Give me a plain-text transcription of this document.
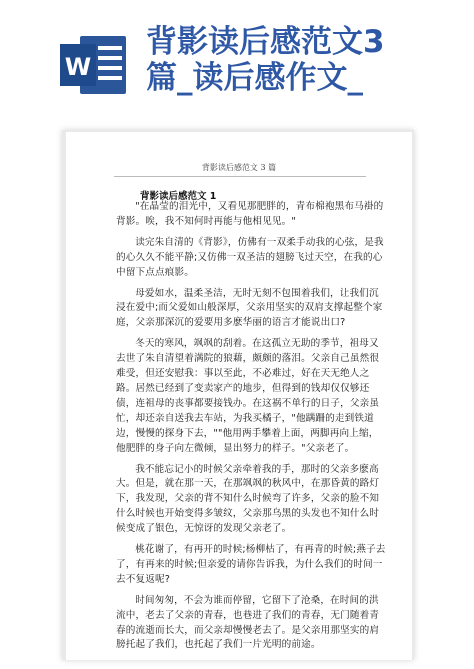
W
背影读后感范文3
篇_读后感作文_
背影读后感范文 3 篇
背影读后感范文 1

"在晶莹的泪光中，又看见那肥胖的，青布棉袍黑布马褂的背影。唉，我不知何时再能与他相见见。"

读完朱自清的《背影》，仿佛有一双柔手动我的心弦，是我的心久久不能平静;又仿佛一双圣洁的翅膀飞过天空，在我的心中留下点点痕影。

母爱如水，温柔圣洁，无时无刻不包围着我们，让我们沉浸在爱中;而父爱如山般深厚，父亲用坚实的双肩支撑起整个家庭，父亲那深沉的爱要用多麽华丽的语言才能说出口?

冬天的寒风，飒飒的刮着。在这孤立无助的季节，祖母又去世了朱自清望着满院的狼藉，颇颇的落泪。父亲自己虽然很难受，但还安慰我：事以至此，不必难过，好在天无绝人之路。居然已经到了变卖家产的地步，但得到的钱却仅仅够还债，连祖母的丧事都要接钱办。在这祸不单行的日子，父亲虽忙，却还亲自送我去车站，为我买橘子，"他蹒跚的走到铁道边，慢慢的探身下去，""他用两手攀着上面，两脚再向上缩，他肥胖的身子向左微倾，显出努力的样子。"父亲老了。

我不能忘记小的时候父亲牵着我的手，那时的父亲多麽高大。但是，就在那一天，在那飒飒的秋风中，在那昏黄的路灯下，我发现，父亲的背不知什么时候弯了许多，父亲的脸不知什么时候也开始变得多皱纹，父亲那乌黑的头发也不知什么时候变成了银色，无惊讶的发现父亲老了。

桃花谢了，有再开的时候;杨柳枯了，有再青的时候;燕子去了，有再来的时候;但亲爱的请你告诉我，为什么我们的时间一去不复返呢?

时间匆匆，不会为谁而停留，它留下了沧桑，在时间的洪流中，老去了父亲的青春，也巷进了我们的青春，无门随着青春的流逝而长大，而父亲却慢慢老去了。是父亲用那坚实的肩膀托起了我们，也托起了我们一片光明的前途。
